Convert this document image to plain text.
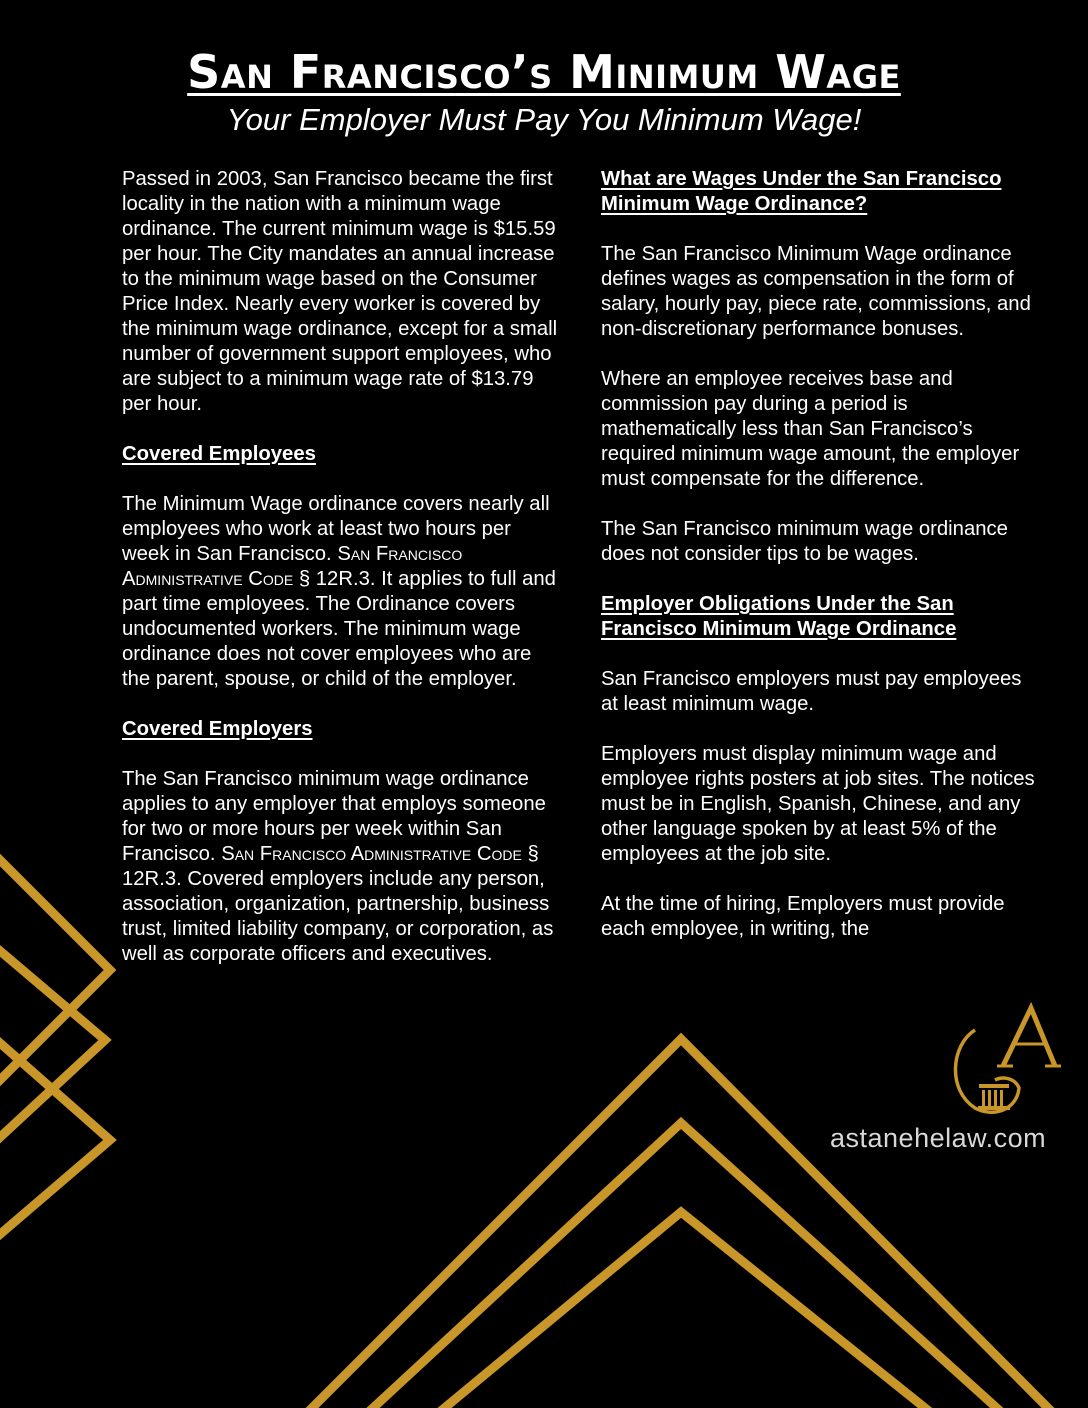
San Francisco’s Minimum Wage
Your Employer Must Pay You Minimum Wage!

Passed in 2003, San Francisco became the first locality in the nation with a minimum wage ordinance. The current minimum wage is $15.59 per hour. The City mandates an annual increase to the minimum wage based on the Consumer Price Index. Nearly every worker is covered by the minimum wage ordinance, except for a small number of government support employees, who are subject to a minimum wage rate of $13.79 per hour.

Covered Employees

The Minimum Wage ordinance covers nearly all employees who work at least two hours per week in San Francisco. San Francisco Administrative Code § 12R.3. It applies to full and part time employees. The Ordinance covers undocumented workers. The minimum wage ordinance does not cover employees who are the parent, spouse, or child of the employer.

Covered Employers

The San Francisco minimum wage ordinance applies to any employer that employs someone for two or more hours per week within San Francisco. San Francisco Administrative Code § 12R.3. Covered employers include any person, association, organization, partnership, business trust, limited liability company, or corporation, as well as corporate officers and executives.

What are Wages Under the San Francisco Minimum Wage Ordinance?

The San Francisco Minimum Wage ordinance defines wages as compensation in the form of salary, hourly pay, piece rate, commissions, and non-discretionary performance bonuses.

Where an employee receives base and commission pay during a period is mathematically less than San Francisco’s required minimum wage amount, the employer must compensate for the difference.

The San Francisco minimum wage ordinance does not consider tips to be wages.

Employer Obligations Under the San Francisco Minimum Wage Ordinance

San Francisco employers must pay employees at least minimum wage.

Employers must display minimum wage and employee rights posters at job sites. The notices must be in English, Spanish, Chinese, and any other language spoken by at least 5% of the employees at the job site.

At the time of hiring, Employers must provide each employee, in writing, the

astanehelaw.com
